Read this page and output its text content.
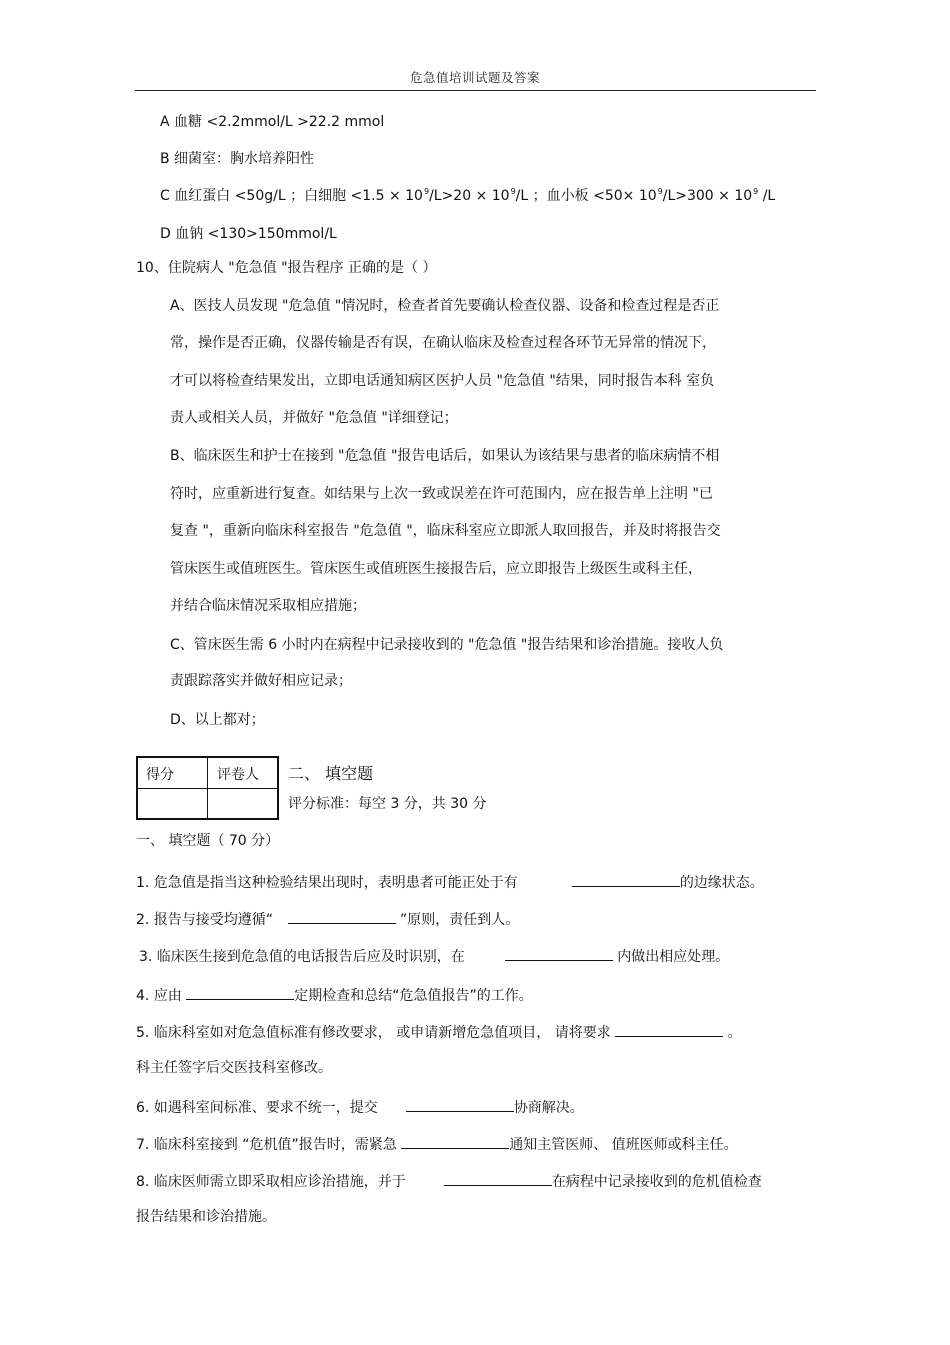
危急值培训试题及答案
A 血糖 <2.2mmol/L >22.2 mmol
B 细菌室：胸水培养阳性
C 血红蛋白 <50g/L ；白细胞 $<1.5 \times 10^9/L>20 \times 10^9/L$ ；血小板 $<50\times 10^9/L>300 \times 10^9$ /L
D 血钠 <130>150mmol/L
10、住院病人 "危急值 "报告程序 正确的是（ ）
A、医技人员发现 "危急值 "情况时，检查者首先要确认检查仪器、设备和检查过程是否正
常，操作是否正确，仪器传输是否有误，在确认临床及检查过程各环节无异常的情况下，
才可以将检查结果发出，立即电话通知病区医护人员 "危急值 "结果，同时报告本科 室负
责人或相关人员，并做好 "危急值 "详细登记；
B、临床医生和护士在接到 "危急值 "报告电话后，如果认为该结果与患者的临床病情不相
符时，应重新进行复查。如结果与上次一致或误差在许可范围内，应在报告单上注明 "已
复查 "，重新向临床科室报告 "危急值 "，临床科室应立即派人取回报告，并及时将报告交
管床医生或值班医生。管床医生或值班医生接报告后，应立即报告上级医生或科主任，
并结合临床情况采取相应措施；
C、管床医生需 6 小时内在病程中记录接收到的 "危急值 "报告结果和诊治措施。接收人负
责跟踪落实并做好相应记录；
D、以上都对；
得分	评卷人 二、 填空题
评分标准：每空 3 分，共 30 分
一、 填空题（ 70 分）
1. 危急值是指当这种检验结果出现时，表明患者可能正处于有	的边缘状态。
2. 报告与接受均遵循“	”原则，责任到人。
3. 临床医生接到危急值的电话报告后应及时识别，在	内做出相应处理。
4. 应由	定期检查和总结“危急值报告”的工作。
5. 临床科室如对危急值标准有修改要求， 或申请新增危急值项目， 请将要求	。
科主任签字后交医技科室修改。
6. 如遇科室间标准、要求不统一，提交	协商解决。
7. 临床科室接到 “危机值”报告时，需紧急	通知主管医师、 值班医师或科主任。
8. 临床医师需立即采取相应诊治措施，并于	在病程中记录接收到的危机值检查
报告结果和诊治措施。
